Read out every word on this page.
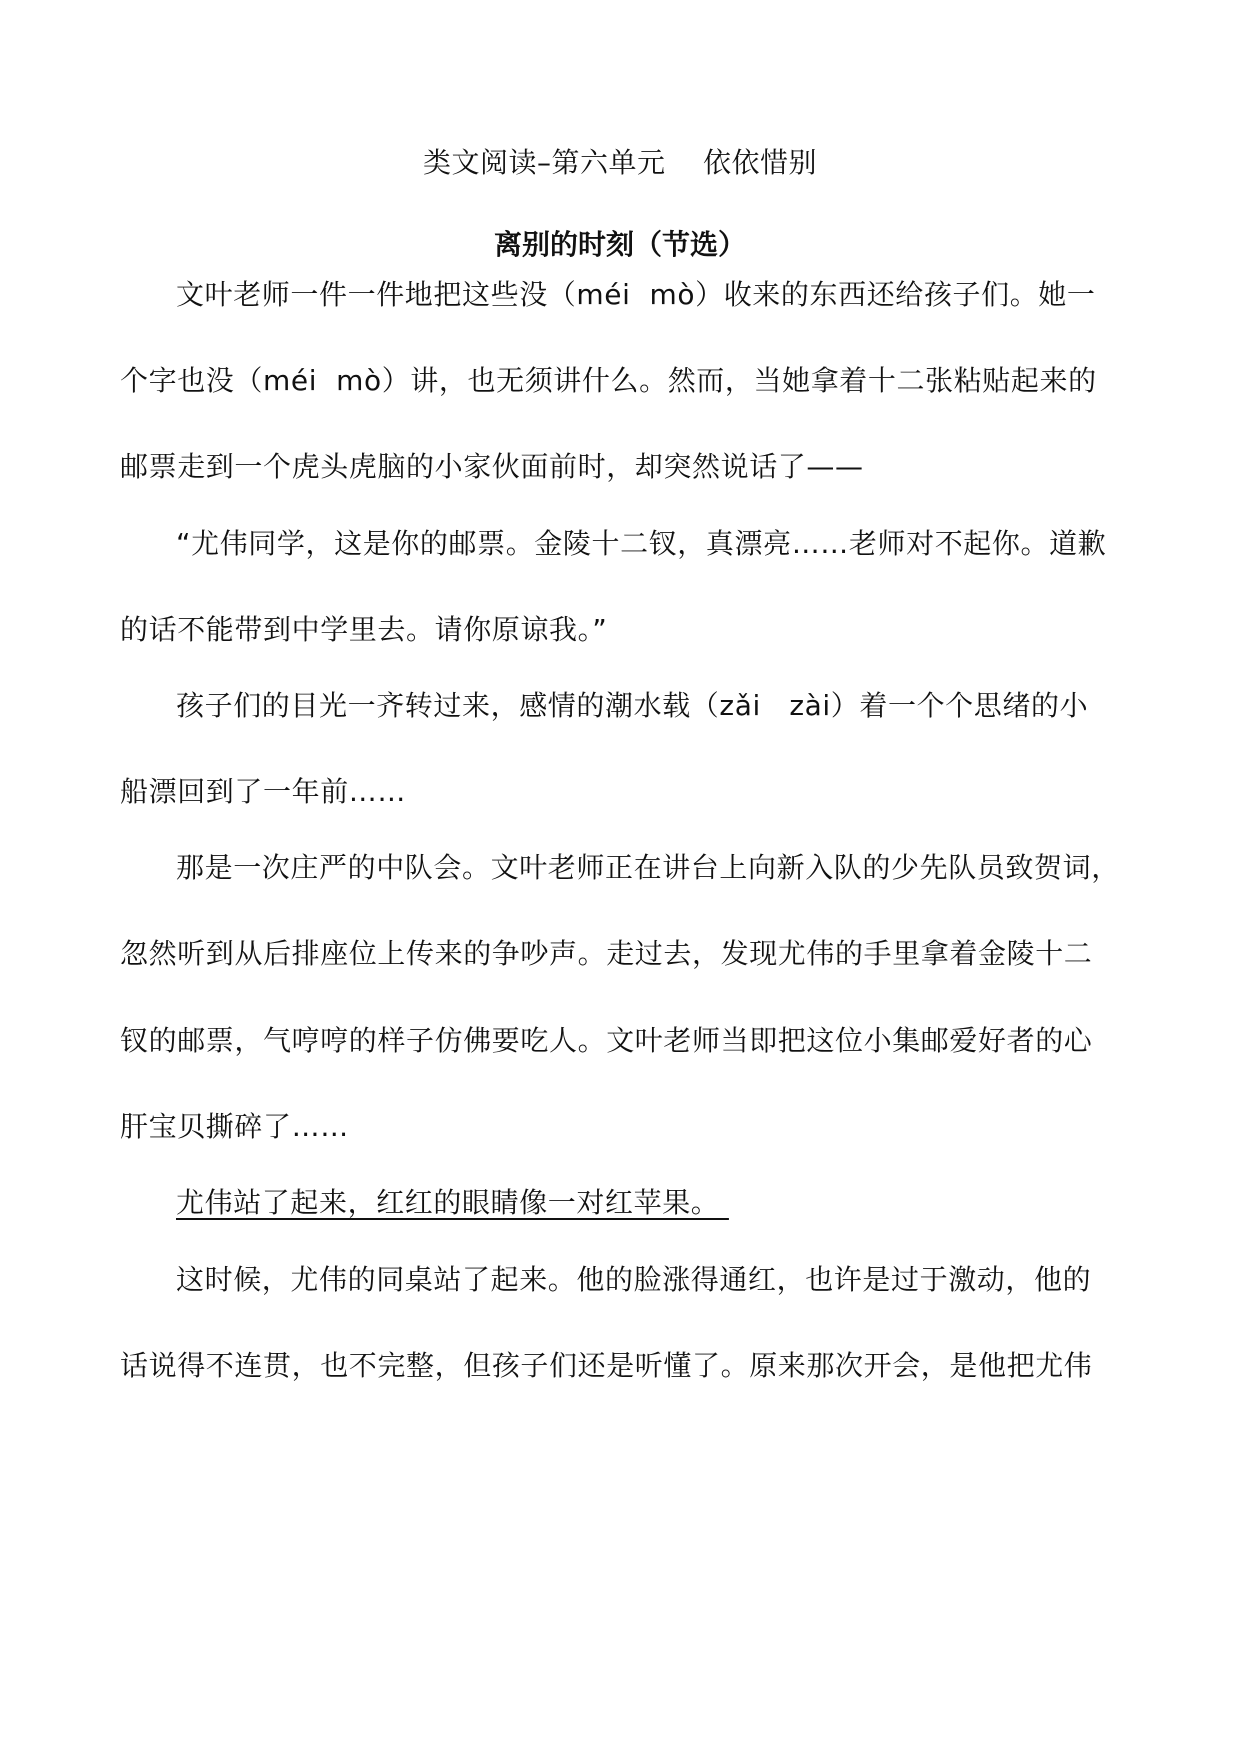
类文阅读–第六单元    依依惜别
离别的时刻（节选）
文叶老师一件一件地把这些没（méi  mò）收来的东西还给孩子们。她一
个字也没（méi  mò）讲，也无须讲什么。然而，当她拿着十二张粘贴起来的
邮票走到一个虎头虎脑的小家伙面前时，却突然说话了——
“尤伟同学，这是你的邮票。金陵十二钗，真漂亮……老师对不起你。道歉
的话不能带到中学里去。请你原谅我。”
孩子们的目光一齐转过来，感情的潮水载（zǎi   zài）着一个个思绪的小
船漂回到了一年前……
那是一次庄严的中队会。文叶老师正在讲台上向新入队的少先队员致贺词，
忽然听到从后排座位上传来的争吵声。走过去，发现尤伟的手里拿着金陵十二
钗的邮票，气哼哼的样子仿佛要吃人。文叶老师当即把这位小集邮爱好者的心
肝宝贝撕碎了……
尤伟站了起来，红红的眼睛像一对红苹果。
这时候，尤伟的同桌站了起来。他的脸涨得通红，也许是过于激动，他的
话说得不连贯，也不完整，但孩子们还是听懂了。原来那次开会，是他把尤伟
